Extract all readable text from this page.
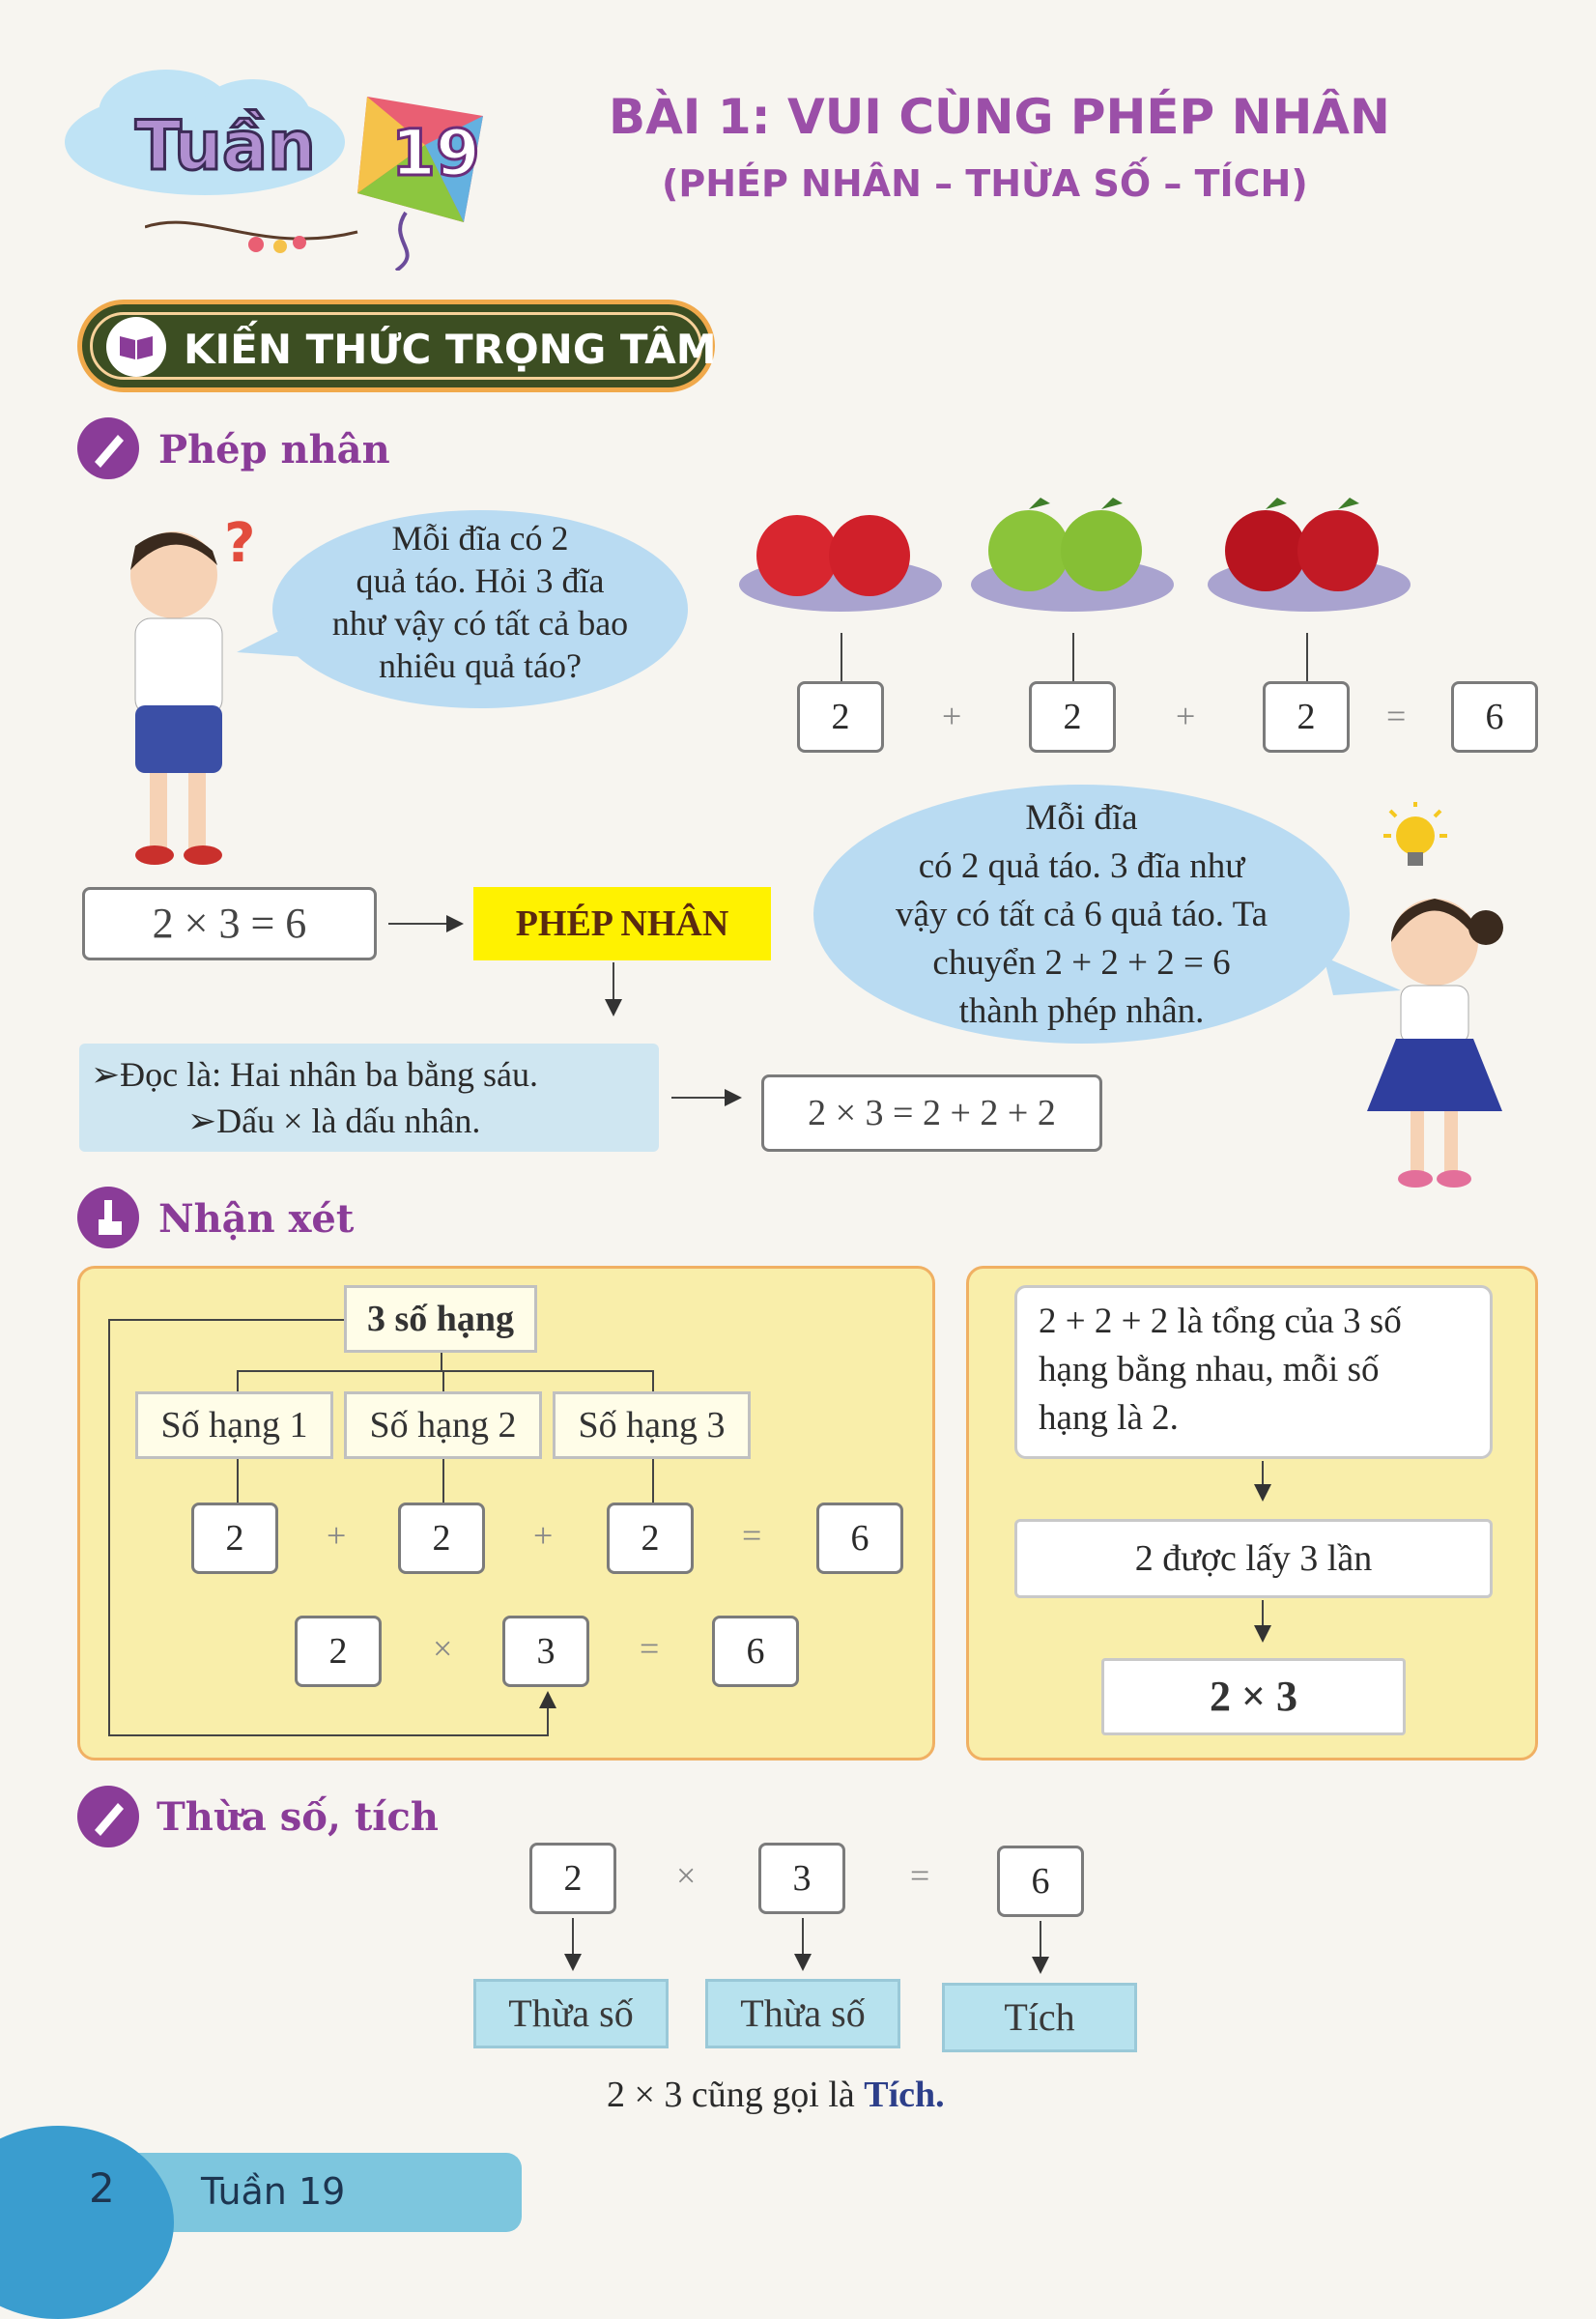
Tuần 19	BÀI 1: VUI CÙNG PHÉP NHÂN
(PHÉP NHÂN – THỪA SỐ – TÍCH)
KIẾN THỨC TRỌNG TÂM
Phép nhân
?	Mỗi đĩa có 2
quả táo. Hỏi 3 đĩa
như vậy có tất cả bao
nhiêu quả táo?
2	+	2	+	2	=	6
2 × 3 = 6	PHÉP NHÂN
Mỗi đĩa
có 2 quả táo. 3 đĩa như
vậy có tất cả 6 quả táo. Ta
chuyển 2 + 2 + 2 = 6
thành phép nhân.
➢Đọc là: Hai nhân ba bằng sáu.
➢Dấu × là dấu nhân.	2 × 3 = 2 + 2 + 2
Nhận xét
3 số hạng
Số hạng 1	Số hạng 2	Số hạng 3
2	+	2	+	2	=	6
2	×	3	=	6
2 + 2 + 2 là tổng của 3 số
hạng bằng nhau, mỗi số
hạng là 2.
2 được lấy 3 lần
2 × 3
Thừa số, tích
2	×	3	=	6
Thừa số	Thừa số	Tích
2 × 3 cũng gọi là Tích.
2 Tuần 19
